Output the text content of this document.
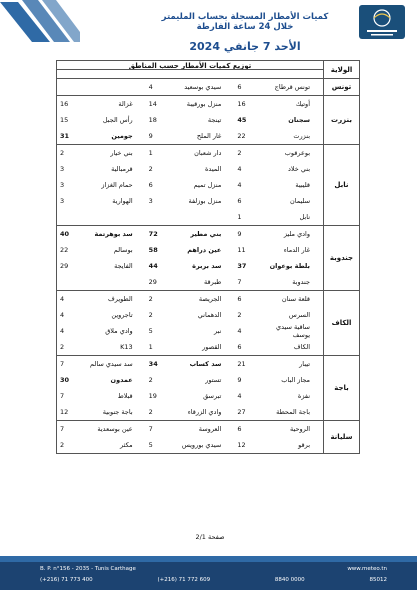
كميات الأمطار المسجلة بحساب المليمتر
خلال 24 ساعة الفارطة
الأحد 7 جانفي 2024
توزيع كميات الأمطار حسب المناطق	الولاية
4	سيدي بوسعيد	6	تونس قرطاج	تونس
16	غزالة	14	منزل بورقيبة	16	أوتيك
15	رأس الجبل	18	تينجة	45	سجنان
31	جومين	9	غار الملح	22	بنزرت
بنزرت
2	بني خيار	1	دار شعبان	2	بوعرقوب
3	قرمبالية	2	الميدة	4	بني خلاد
3	حمام الغزاز	6	منزل تميم	4	قليبية
3	الهوارية	3	منزل بوزلفة	6	سليمان
1	نابل
نابل
40	سد بوهرتمة	72	بني مطير	9	وادي مليز
22	بوسالم	58	عين دراهم	11	غار الدماء
29	الفايجة	44	سد بربرة	37	بلطة بوعوان
29	طبرقة	7	جندوبة
جندوبة
4	الطويرف	2	الجريصة	6	قلعة سنان
4	تاجروين	2	الدهماني	2	السرس
4	وادي ملاق	5	نبر	4	ساقية سيدي يوسف
2	K13	1	القصور	6	الكاف
الكاف
7	سد سيدي سالم	34	سد كساب	21	تيبار
30	عمدون	2	تستور	9	مجاز الباب
7	قبلاط	19	تبرسق	4	نفزة
12	باجة جنوبية	2	وادي الزرقاء	27	باجة المحطة
باجة
7	عين بوسعدية	7	العروسة	6	الروحية
2	مكثر	5	سيدي بورويس	12	برقو
سليانة
صفحة 2/1
B. P. n°156 - 2035 - Tunis Carthage	www.meteo.tn
(+216) 71 773 400	(+216) 71 772 609	8840 0000	85012
